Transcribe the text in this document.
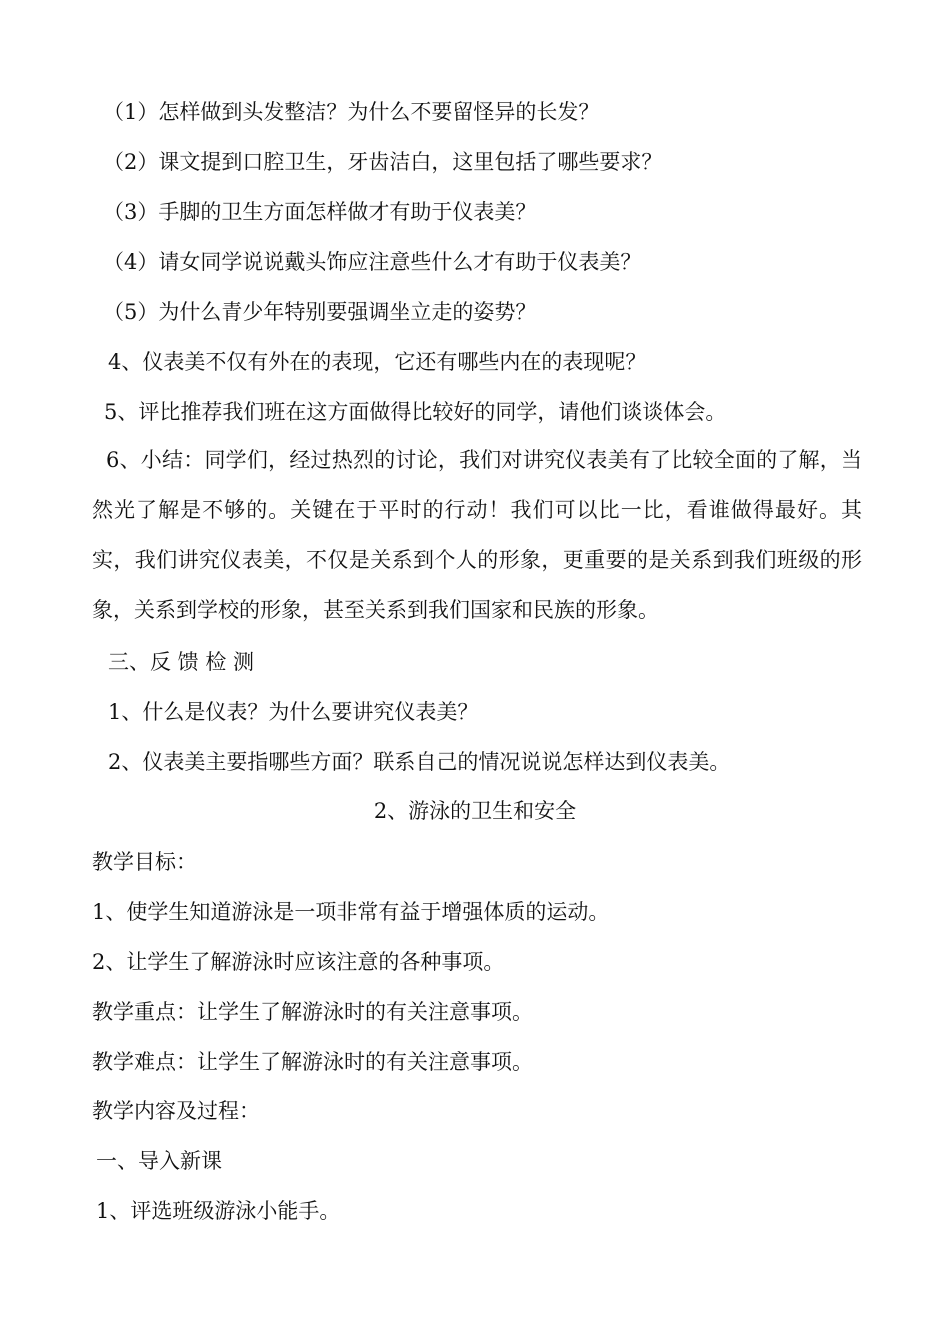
（1）怎样做到头发整洁？为什么不要留怪异的长发？
（2）课文提到口腔卫生，牙齿洁白，这里包括了哪些要求？
（3）手脚的卫生方面怎样做才有助于仪表美？
（4）请女同学说说戴头饰应注意些什么才有助于仪表美？
（5）为什么青少年特别要强调坐立走的姿势？
4、仪表美不仅有外在的表现，它还有哪些内在的表现呢？
5、评比推荐我们班在这方面做得比较好的同学，请他们谈谈体会。
6、小结：同学们，经过热烈的讨论，我们对讲究仪表美有了比较全面的了解，当然光了解是不够的。关键在于平时的行动！我们可以比一比，看谁做得最好。其实，我们讲究仪表美，不仅是关系到个人的形象，更重要的是关系到我们班级的形象，关系到学校的形象，甚至关系到我们国家和民族的形象。
三、反 馈 检 测
1、什么是仪表？为什么要讲究仪表美？
2、仪表美主要指哪些方面？联系自己的情况说说怎样达到仪表美。
2、游泳的卫生和安全
教学目标：
1、使学生知道游泳是一项非常有益于增强体质的运动。
2、让学生了解游泳时应该注意的各种事项。
教学重点：让学生了解游泳时的有关注意事项。
教学难点：让学生了解游泳时的有关注意事项。
教学内容及过程：
一、导入新课
1、评选班级游泳小能手。
